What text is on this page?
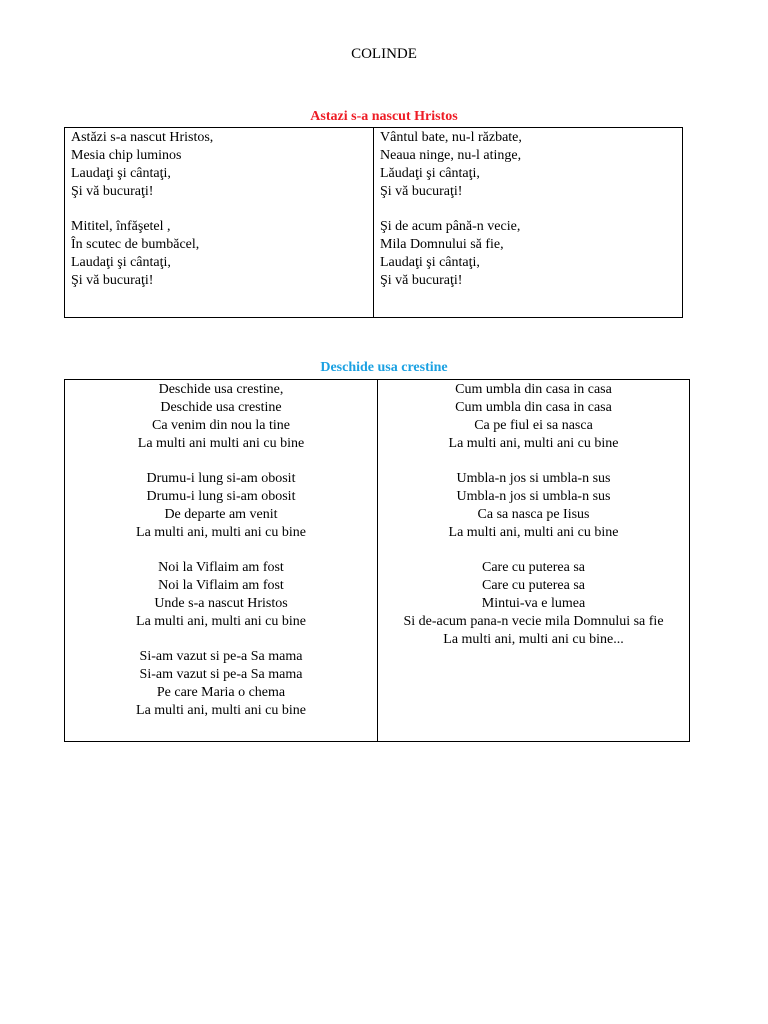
COLINDE
Astazi s-a nascut Hristos
Astăzi s-a nascut Hristos,
Mesia chip luminos
Laudaţi şi cântaţi,
Şi vă bucuraţi!
Mititel, înfăşetel ,
În scutec de bumbăcel,
Laudaţi şi cântaţi,
Şi vă bucuraţi!
Vântul bate, nu-l răzbate,
Neaua ninge, nu-l atinge,
Lăudaţi şi cântaţi,
Şi vă bucuraţi!
Şi de acum până-n vecie,
Mila Domnului să fie,
Laudaţi şi cântaţi,
Şi vă bucuraţi!
Deschide usa crestine
Deschide usa crestine,
Deschide usa crestine
Ca venim din nou la tine
La multi ani multi ani cu bine
Drumu-i lung si-am obosit
Drumu-i lung si-am obosit
De departe am venit
La multi ani, multi ani cu bine
Noi la Viflaim am fost
Noi la Viflaim am fost
Unde s-a nascut Hristos
La multi ani, multi ani cu bine
Si-am vazut si pe-a Sa mama
Si-am vazut si pe-a Sa mama
Pe care Maria o chema
La multi ani, multi ani cu bine
Cum umbla din casa in casa
Cum umbla din casa in casa
Ca pe fiul ei sa nasca
La multi ani, multi ani cu bine
Umbla-n jos si umbla-n sus
Umbla-n jos si umbla-n sus
Ca sa nasca pe Iisus
La multi ani, multi ani cu bine
Care cu puterea sa
Care cu puterea sa
Mintui-va e lumea
Si de-acum pana-n vecie mila Domnului sa fie
La multi ani, multi ani cu bine...
